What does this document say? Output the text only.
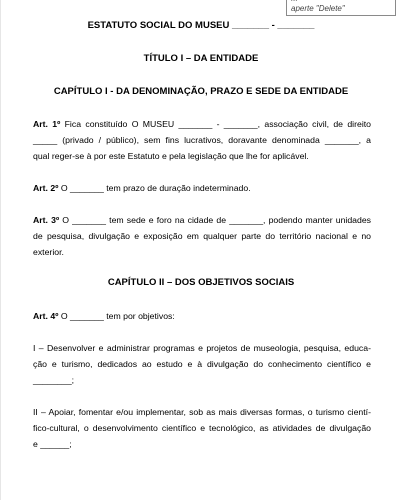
aperte "Delete"
ESTATUTO SOCIAL DO MUSEU _______ - _______
TÍTULO I – DA ENTIDADE
CAPÍTULO I - DA DENOMINAÇÃO, PRAZO E SEDE DA ENTIDADE
Art. 1º Fica constituído O MUSEU _______ - _______, associação civil, de direito
_____ (privado / público), sem fins lucrativos, doravante denominada _______, a
qual reger-se à por este Estatuto e pela legislação que lhe for aplicável.
Art. 2º O _______ tem prazo de duração indeterminado.
Art. 3º O _______ tem sede e foro na cidade de _______, podendo manter unidades
de pesquisa, divulgação e exposição em qualquer parte do território nacional e no
exterior.
CAPÍTULO II – DOS OBJETIVOS SOCIAIS
Art. 4º O _______ tem por objetivos:
I – Desenvolver e administrar programas e projetos de museologia, pesquisa, educa-
ção e turismo, dedicados ao estudo e à divulgação do conhecimento científico e
________;
II – Apoiar, fomentar e/ou implementar, sob as mais diversas formas, o turismo cientí-
fico-cultural, o desenvolvimento científico e tecnológico, as atividades de divulgação
e ______;
